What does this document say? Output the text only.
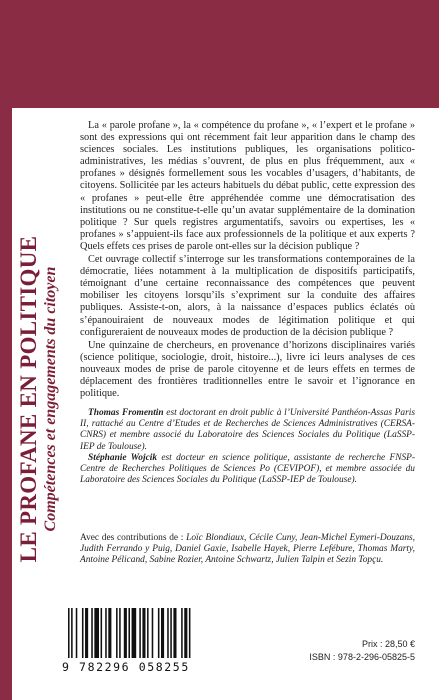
LE PROFANE EN POLITIQUE Compétences et engagements du citoyen

La « parole profane », la « compétence du profane », « l’expert et le profane » sont des expressions qui ont récemment fait leur apparition dans le champ des sciences sociales. Les institutions publiques, les organisations politico-administratives, les médias s’ouvrent, de plus en plus fréquemment, aux « profanes » désignés formellement sous les vocables d’usagers, d’habitants, de citoyens. Sollicitée par les acteurs habituels du débat public, cette expression des « profanes » peut-elle être appréhendée comme une démocratisation des institutions ou ne constitue-t-elle qu’un avatar supplémentaire de la domination politique ? Sur quels registres argumentatifs, savoirs ou expertises, les « profanes » s’appuient-ils face aux professionnels de la politique et aux experts ? Quels effets ces prises de parole ont-elles sur la décision publique ?

Cet ouvrage collectif s’interroge sur les transformations contemporaines de la démocratie, liées notamment à la multiplication de dispositifs participatifs, témoignant d’une certaine reconnaissance des compétences que peuvent mobiliser les citoyens lorsqu’ils s’expriment sur la conduite des affaires publiques. Assiste-t-on, alors, à la naissance d’espaces publics éclatés où s’épanouiraient de nouveaux modes de légitimation politique et qui configureraient de nouveaux modes de production de la décision publique ?

Une quinzaine de chercheurs, en provenance d’horizons disciplinaires variés (science politique, sociologie, droit, histoire...), livre ici leurs analyses de ces nouveaux modes de prise de parole citoyenne et de leurs effets en termes de déplacement des frontières traditionnelles entre le savoir et l’ignorance en politique.

Thomas Fromentin est doctorant en droit public à l’Université Panthéon-Assas Paris II, rattaché au Centre d’Etudes et de Recherches de Sciences Administratives (CERSA-CNRS) et membre associé du Laboratoire des Sciences Sociales du Politique (LaSSP-IEP de Toulouse).

Stéphanie Wojcik est docteur en science politique, assistante de recherche FNSP-Centre de Recherches Politiques de Sciences Po (CEVIPOF), et membre associée du Laboratoire des Sciences Sociales du Politique (LaSSP-IEP de Toulouse).

Avec des contributions de : Loïc Blondiaux, Cécile Cuny, Jean-Michel Eymeri-Douzans, Judith Ferrando y Puig, Daniel Gaxie, Isabelle Hayek, Pierre Lefébure, Thomas Marty, Antoine Pélicand, Sabine Rozier, Antoine Schwartz, Julien Talpin et Sezin Topçu.
9 782296 058255
Prix : 28,50 €
ISBN : 978-2-296-05825-5
